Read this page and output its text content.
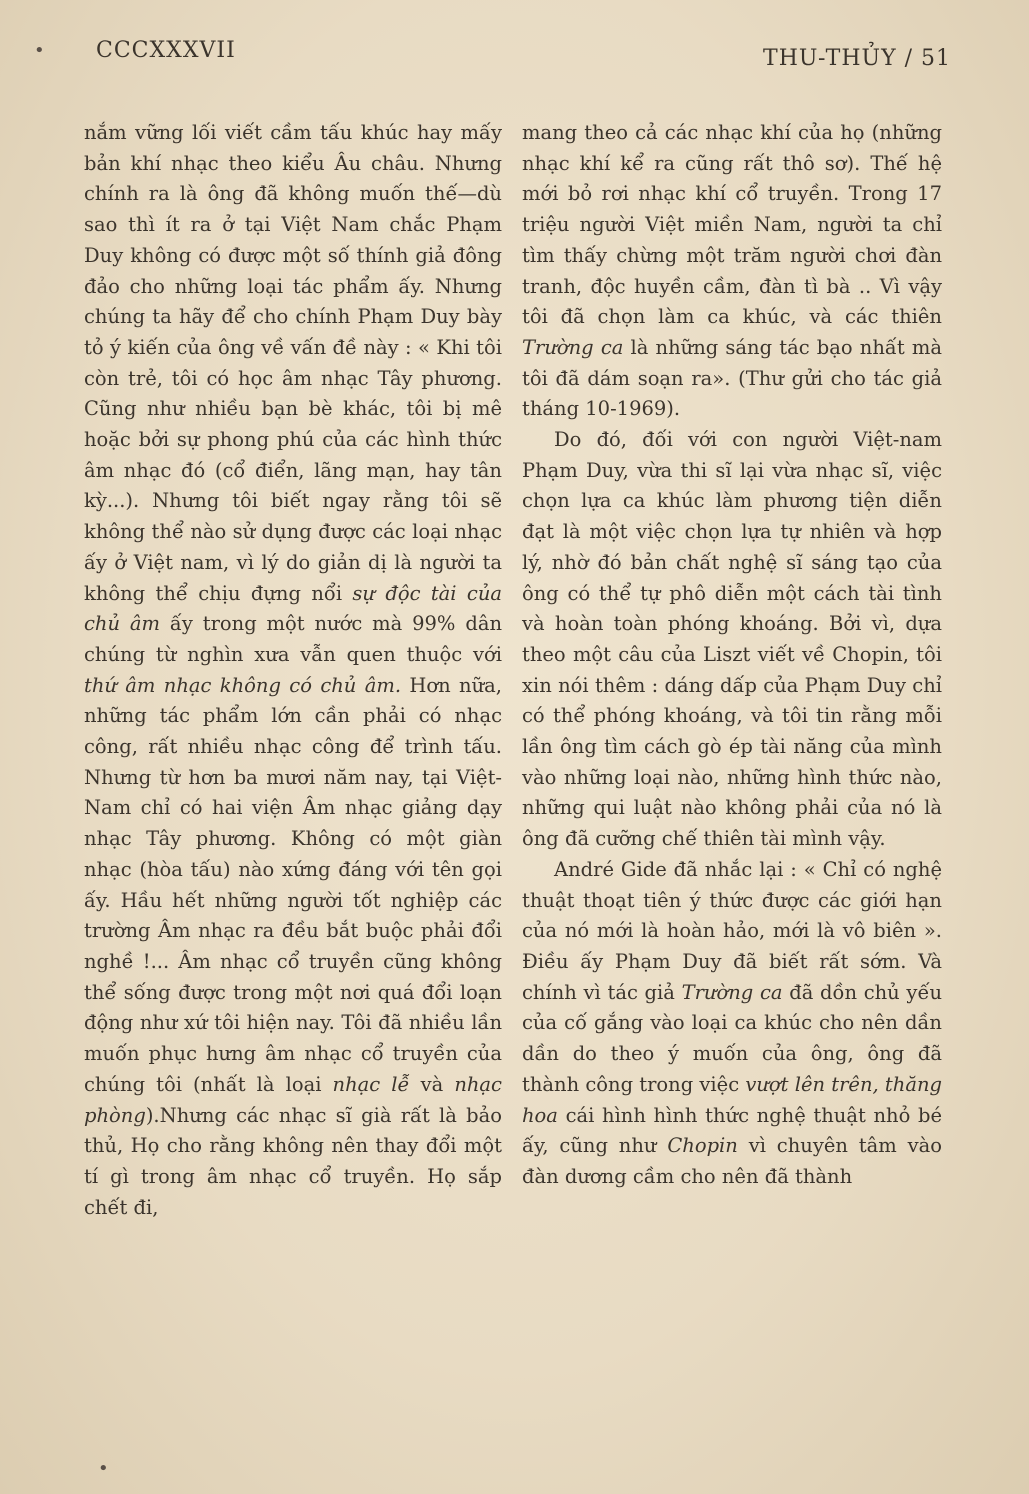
• CCCXXXVII	THU-THỦY / 51

nắm vững lối viết cầm tấu khúc hay mấy bản khí nhạc theo kiểu Âu châu. Nhưng chính ra là ông đã không muốn thế—dù sao thì ít ra ở tại Việt Nam chắc Phạm Duy không có được một số thính giả đông đảo cho những loại tác phẩm ấy. Nhưng chúng ta hãy để cho chính Phạm Duy bày tỏ ý kiến của ông về vấn đề này : « Khi tôi còn trẻ, tôi có học âm nhạc Tây phương. Cũng như nhiều bạn bè khác, tôi bị mê hoặc bởi sự phong phú của các hình thức âm nhạc đó (cổ điển, lãng mạn, hay tân kỳ...). Nhưng tôi biết ngay rằng tôi sẽ không thể nào sử dụng được các loại nhạc ấy ở Việt nam, vì lý do giản dị là người ta không thể chịu đựng nổi sự độc tài của chủ âm ấy trong một nước mà 99% dân chúng từ nghìn xưa vẫn quen thuộc với thứ âm nhạc không có chủ âm. Hơn nữa, những tác phẩm lớn cần phải có nhạc công, rất nhiều nhạc công để trình tấu. Nhưng từ hơn ba mươi năm nay, tại Việt-Nam chỉ có hai viện Âm nhạc giảng dạy nhạc Tây phương. Không có một giàn nhạc (hòa tấu) nào xứng đáng với tên gọi ấy. Hầu hết những người tốt nghiệp các trường Âm nhạc ra đều bắt buộc phải đổi nghề !... Âm nhạc cổ truyền cũng không thể sống được trong một nơi quá đổi loạn động như xứ tôi hiện nay. Tôi đã nhiều lần muốn phục hưng âm nhạc cổ truyền của chúng tôi (nhất là loại nhạc lễ và nhạc phòng).Nhưng các nhạc sĩ già rất là bảo thủ, Họ cho rằng không nên thay đổi một tí gì trong âm nhạc cổ truyền. Họ sắp chết đi,

mang theo cả các nhạc khí của họ (những nhạc khí kể ra cũng rất thô sơ). Thế hệ mới bỏ rơi nhạc khí cổ truyền. Trong 17 triệu người Việt miền Nam, người ta chỉ tìm thấy chừng một trăm người chơi đàn tranh, độc huyền cầm, đàn tì bà .. Vì vậy tôi đã chọn làm ca khúc, và các thiên Trường ca là những sáng tác bạo nhất mà tôi đã dám soạn ra». (Thư gửi cho tác giả tháng 10-1969).

Do đó, đối với con người Việt-nam Phạm Duy, vừa thi sĩ lại vừa nhạc sĩ, việc chọn lựa ca khúc làm phương tiện diễn đạt là một việc chọn lựa tự nhiên và hợp lý, nhờ đó bản chất nghệ sĩ sáng tạo của ông có thể tự phô diễn một cách tài tình và hoàn toàn phóng khoáng. Bởi vì, dựa theo một câu của Liszt viết về Chopin, tôi xin nói thêm : dáng dấp của Phạm Duy chỉ có thể phóng khoáng, và tôi tin rằng mỗi lần ông tìm cách gò ép tài năng của mình vào những loại nào, những hình thức nào, những qui luật nào không phải của nó là ông đã cưỡng chế thiên tài mình vậy.

André Gide đã nhắc lại : « Chỉ có nghệ thuật thoạt tiên ý thức được các giới hạn của nó mới là hoàn hảo, mới là vô biên ». Điều ấy Phạm Duy đã biết rất sớm. Và chính vì tác giả Trường ca đã dồn chủ yếu của cố gắng vào loại ca khúc cho nên dần dần do theo ý muốn của ông, ông đã thành công trong việc vượt lên trên, thăng hoa cái hình hình thức nghệ thuật nhỏ bé ấy, cũng như Chopin vì chuyên tâm vào đàn dương cầm cho nên đã thành

•
